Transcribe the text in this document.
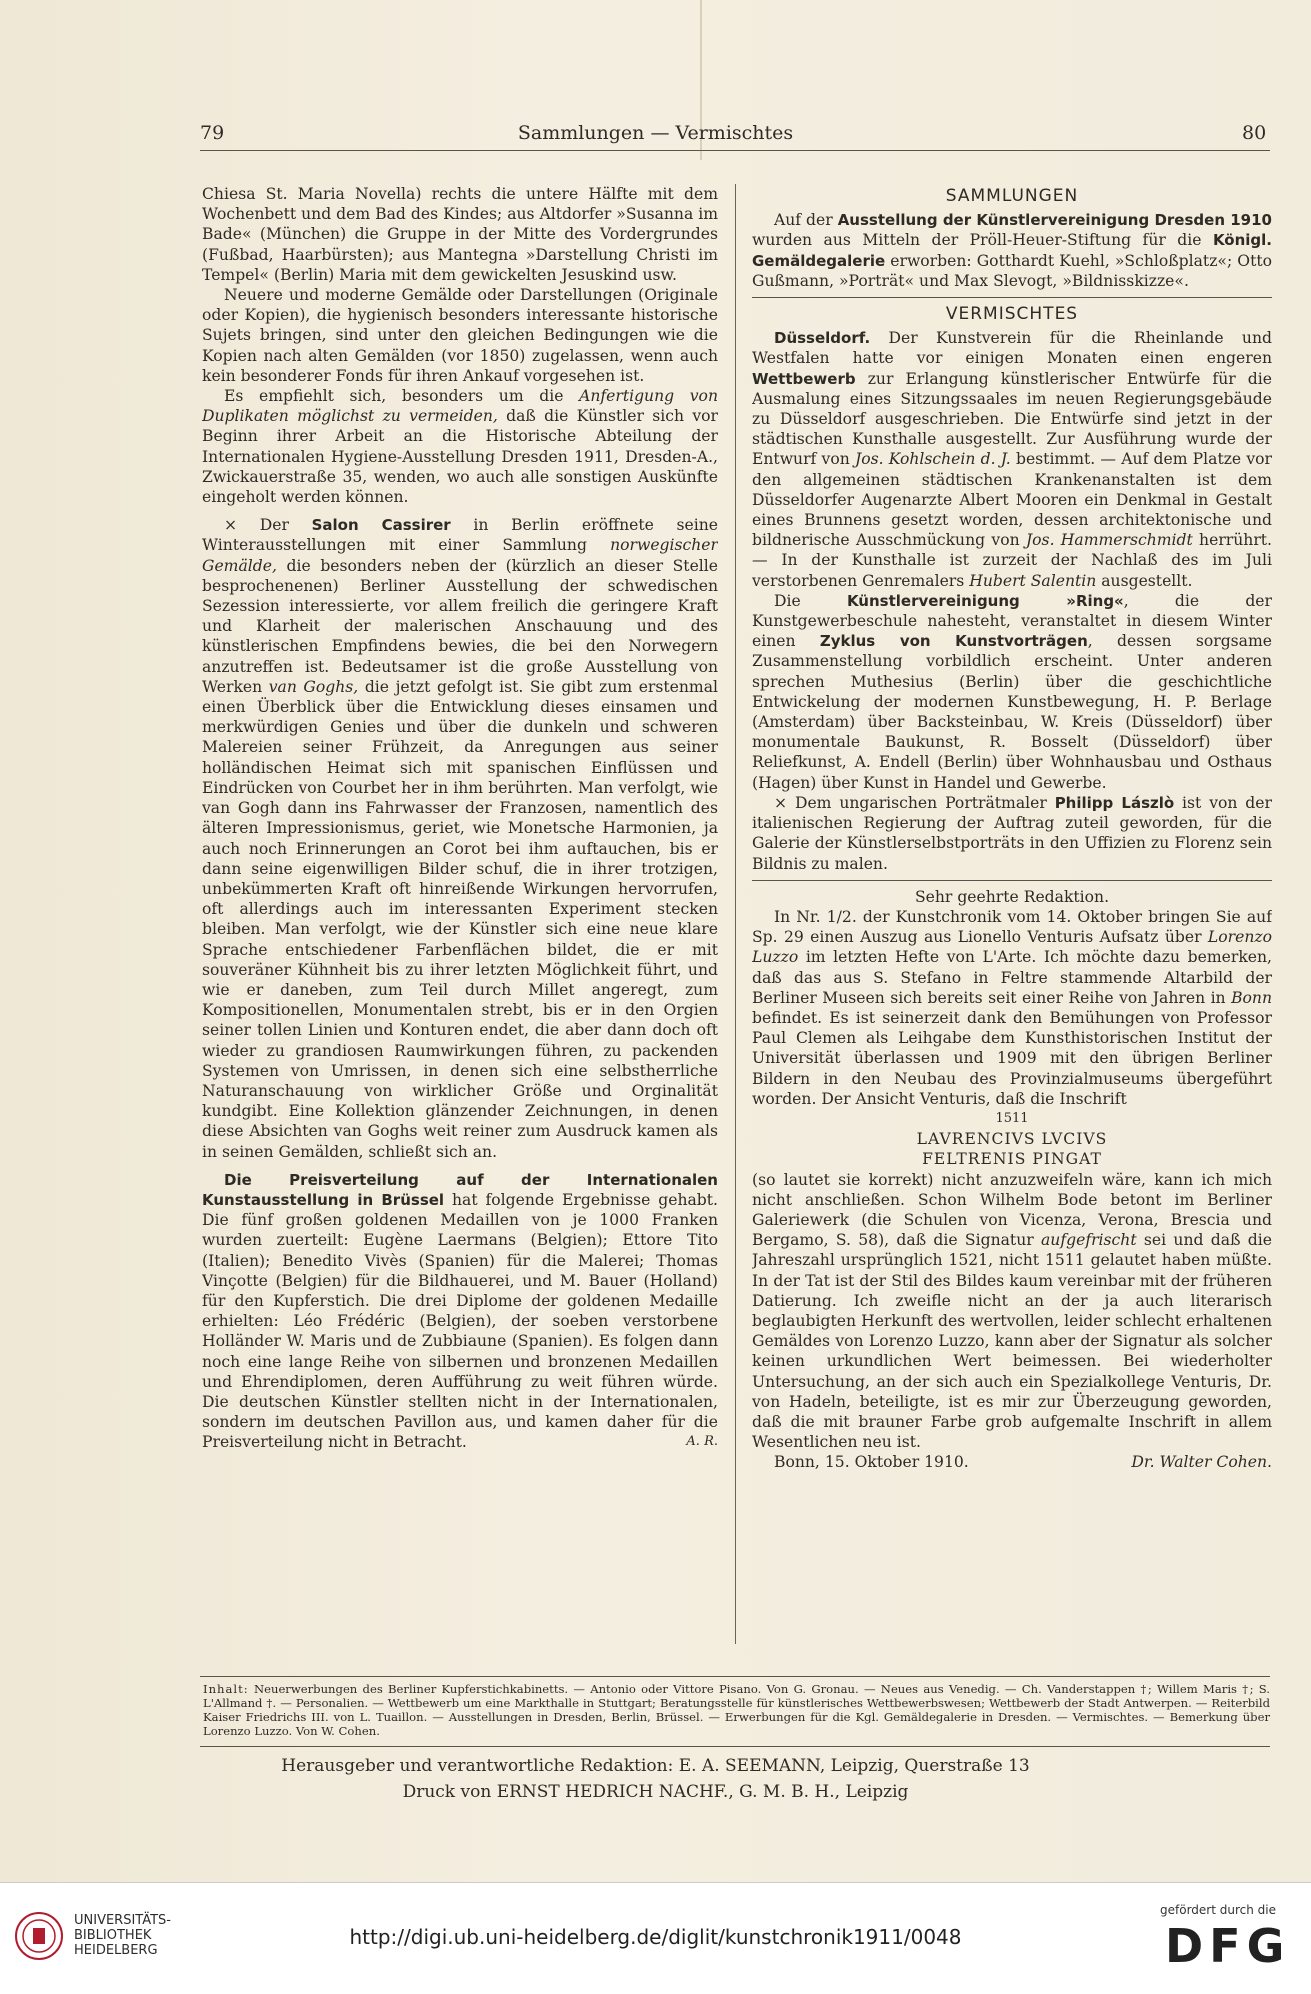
79	Sammlungen — Vermischtes	80

Chiesa St. Maria Novella) rechts die untere Hälfte mit dem Wochenbett und dem Bad des Kindes; aus Altdorfer »Susanna im Bade« (München) die Gruppe in der Mitte des Vordergrundes (Fußbad, Haarbürsten); aus Mantegna »Darstellung Christi im Tempel« (Berlin) Maria mit dem gewickelten Jesuskind usw.

Neuere und moderne Gemälde oder Darstellungen (Originale oder Kopien), die hygienisch besonders interessante historische Sujets bringen, sind unter den gleichen Bedingungen wie die Kopien nach alten Gemälden (vor 1850) zugelassen, wenn auch kein besonderer Fonds für ihren Ankauf vorgesehen ist.

Es empfiehlt sich, besonders um die Anfertigung von Duplikaten möglichst zu vermeiden, daß die Künstler sich vor Beginn ihrer Arbeit an die Historische Abteilung der Internationalen Hygiene-Ausstellung Dresden 1911, Dresden-A., Zwickauerstraße 35, wenden, wo auch alle sonstigen Auskünfte eingeholt werden können.

× Der Salon Cassirer in Berlin eröffnete seine Winterausstellungen mit einer Sammlung norwegischer Gemälde, die besonders neben der (kürzlich an dieser Stelle besprochenenen) Berliner Ausstellung der schwedischen Sezession interessierte, vor allem freilich die geringere Kraft und Klarheit der malerischen Anschauung und des künstlerischen Empfindens bewies, die bei den Norwegern anzutreffen ist. Bedeutsamer ist die große Ausstellung von Werken van Goghs, die jetzt gefolgt ist. Sie gibt zum erstenmal einen Überblick über die Entwicklung dieses einsamen und merkwürdigen Genies und über die dunkeln und schweren Malereien seiner Frühzeit, da Anregungen aus seiner holländischen Heimat sich mit spanischen Einflüssen und Eindrücken von Courbet her in ihm berührten. Man verfolgt, wie van Gogh dann ins Fahrwasser der Franzosen, namentlich des älteren Impressionismus, geriet, wie Monetsche Harmonien, ja auch noch Erinnerungen an Corot bei ihm auftauchen, bis er dann seine eigenwilligen Bilder schuf, die in ihrer trotzigen, unbekümmerten Kraft oft hinreißende Wirkungen hervorrufen, oft allerdings auch im interessanten Experiment stecken bleiben. Man verfolgt, wie der Künstler sich eine neue klare Sprache entschiedener Farbenflächen bildet, die er mit souveräner Kühnheit bis zu ihrer letzten Möglichkeit führt, und wie er daneben, zum Teil durch Millet angeregt, zum Kompositionellen, Monumentalen strebt, bis er in den Orgien seiner tollen Linien und Konturen endet, die aber dann doch oft wieder zu grandiosen Raumwirkungen führen, zu packenden Systemen von Umrissen, in denen sich eine selbstherrliche Naturanschauung von wirklicher Größe und Orginalität kundgibt. Eine Kollektion glänzender Zeichnungen, in denen diese Absichten van Goghs weit reiner zum Ausdruck kamen als in seinen Gemälden, schließt sich an.

Die Preisverteilung auf der Internationalen Kunstausstellung in Brüssel hat folgende Ergebnisse gehabt. Die fünf großen goldenen Medaillen von je 1000 Franken wurden zuerteilt: Eugène Laermans (Belgien); Ettore Tito (Italien); Benedito Vivès (Spanien) für die Malerei; Thomas Vinçotte (Belgien) für die Bildhauerei, und M. Bauer (Holland) für den Kupferstich. Die drei Diplome der goldenen Medaille erhielten: Léo Frédéric (Belgien), der soeben verstorbene Holländer W. Maris und de Zubbiaune (Spanien). Es folgen dann noch eine lange Reihe von silbernen und bronzenen Medaillen und Ehrendiplomen, deren Aufführung zu weit führen würde. Die deutschen Künstler stellten nicht in der Internationalen, sondern im deutschen Pavillon aus, und kamen daher für die Preisverteilung nicht in Betracht.	A. R.

SAMMLUNGEN

Auf der Ausstellung der Künstlervereinigung Dresden 1910 wurden aus Mitteln der Pröll-Heuer-Stiftung für die Königl. Gemäldegalerie erworben: Gotthardt Kuehl, »Schloßplatz«; Otto Gußmann, »Porträt« und Max Slevogt, »Bildnisskizze«.

VERMISCHTES

Düsseldorf. Der Kunstverein für die Rheinlande und Westfalen hatte vor einigen Monaten einen engeren Wettbewerb zur Erlangung künstlerischer Entwürfe für die Ausmalung eines Sitzungssaales im neuen Regierungsgebäude zu Düsseldorf ausgeschrieben. Die Entwürfe sind jetzt in der städtischen Kunsthalle ausgestellt. Zur Ausführung wurde der Entwurf von Jos. Kohlschein d. J. bestimmt. — Auf dem Platze vor den allgemeinen städtischen Krankenanstalten ist dem Düsseldorfer Augenarzte Albert Mooren ein Denkmal in Gestalt eines Brunnens gesetzt worden, dessen architektonische und bildnerische Ausschmückung von Jos. Hammerschmidt herrührt. — In der Kunsthalle ist zurzeit der Nachlaß des im Juli verstorbenen Genremalers Hubert Salentin ausgestellt.

Die Künstlervereinigung »Ring«, die der Kunstgewerbeschule nahesteht, veranstaltet in diesem Winter einen Zyklus von Kunstvorträgen, dessen sorgsame Zusammenstellung vorbildlich erscheint. Unter anderen sprechen Muthesius (Berlin) über die geschichtliche Entwickelung der modernen Kunstbewegung, H. P. Berlage (Amsterdam) über Backsteinbau, W. Kreis (Düsseldorf) über monumentale Baukunst, R. Bosselt (Düsseldorf) über Reliefkunst, A. Endell (Berlin) über Wohnhausbau und Osthaus (Hagen) über Kunst in Handel und Gewerbe.

× Dem ungarischen Porträtmaler Philipp Lászlò ist von der italienischen Regierung der Auftrag zuteil geworden, für die Galerie der Künstlerselbstporträts in den Uffizien zu Florenz sein Bildnis zu malen.

Sehr geehrte Redaktion.

In Nr. 1/2. der Kunstchronik vom 14. Oktober bringen Sie auf Sp. 29 einen Auszug aus Lionello Venturis Aufsatz über Lorenzo Luzzo im letzten Hefte von L'Arte. Ich möchte dazu bemerken, daß das aus S. Stefano in Feltre stammende Altarbild der Berliner Museen sich bereits seit einer Reihe von Jahren in Bonn befindet. Es ist seinerzeit dank den Bemühungen von Professor Paul Clemen als Leihgabe dem Kunsthistorischen Institut der Universität überlassen und 1909 mit den übrigen Berliner Bildern in den Neubau des Provinzialmuseums übergeführt worden. Der Ansicht Venturis, daß die Inschrift

1511
LAVRENCIVS LVCIVS
FELTRENIS PINGAT

(so lautet sie korrekt) nicht anzuzweifeln wäre, kann ich mich nicht anschließen. Schon Wilhelm Bode betont im Berliner Galeriewerk (die Schulen von Vicenza, Verona, Brescia und Bergamo, S. 58), daß die Signatur aufgefrischt sei und daß die Jahreszahl ursprünglich 1521, nicht 1511 gelautet haben müßte. In der Tat ist der Stil des Bildes kaum vereinbar mit der früheren Datierung. Ich zweifle nicht an der ja auch literarisch beglaubigten Herkunft des wertvollen, leider schlecht erhaltenen Gemäldes von Lorenzo Luzzo, kann aber der Signatur als solcher keinen urkundlichen Wert beimessen. Bei wiederholter Untersuchung, an der sich auch ein Spezialkollege Venturis, Dr. von Hadeln, beteiligte, ist es mir zur Überzeugung geworden, daß die mit brauner Farbe grob aufgemalte Inschrift in allem Wesentlichen neu ist.

Bonn, 15. Oktober 1910.	Dr. Walter Cohen.
Inhalt: Neuerwerbungen des Berliner Kupferstichkabinetts. — Antonio oder Vittore Pisano. Von G. Gronau. — Neues aus Venedig. — Ch. Vanderstappen †; Willem Maris †; S. L'Allmand †. — Personalien. — Wettbewerb um eine Markthalle in Stuttgart; Beratungsstelle für künstlerisches Wettbewerbswesen; Wettbewerb der Stadt Antwerpen. — Reiterbild Kaiser Friedrichs III. von L. Tuaillon. — Ausstellungen in Dresden, Berlin, Brüssel. — Erwerbungen für die Kgl. Gemäldegalerie in Dresden. — Vermischtes. — Bemerkung über Lorenzo Luzzo. Von W. Cohen.
Herausgeber und verantwortliche Redaktion: E. A. SEEMANN, Leipzig, Querstraße 13
Druck von ERNST HEDRICH NACHF., G. M. B. H., Leipzig
UNIVERSITÄTS-
BIBLIOTHEK
HEIDELBERG
http://digi.ub.uni-heidelberg.de/diglit/kunstchronik1911/0048
gefördert durch die
DFG
